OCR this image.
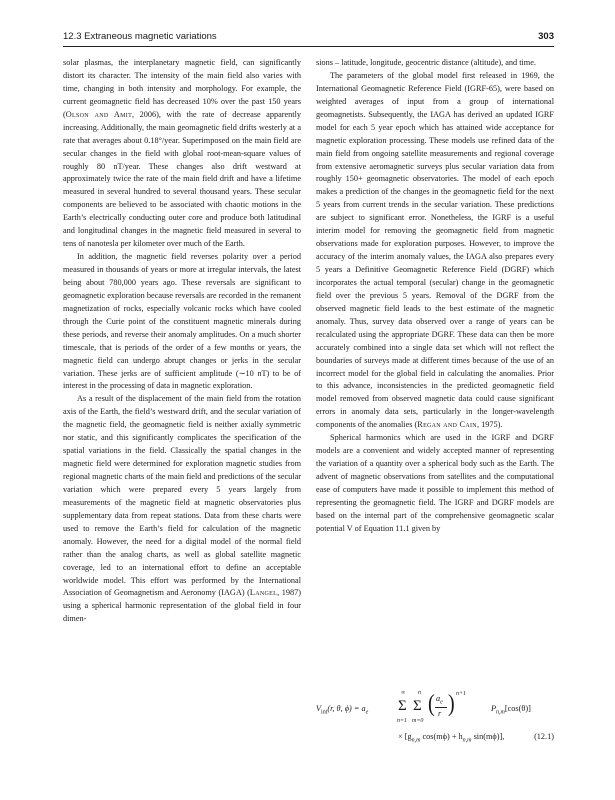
12.3 Extraneous magnetic variations	303

solar plasmas, the interplanetary magnetic field, can significantly distort its character. The intensity of the main field also varies with time, changing in both intensity and morphology. For example, the current geomagnetic field has decreased 10% over the past 150 years (Olson and Amit, 2006), with the rate of decrease apparently increasing. Additionally, the main geomagnetic field drifts westerly at a rate that averages about 0.18°/year. Superimposed on the main field are secular changes in the field with global root-mean-square values of roughly 80 nT/year. These changes also drift westward at approximately twice the rate of the main field drift and have a lifetime measured in several hundred to several thousand years. These secular components are believed to be associated with chaotic motions in the Earth’s electrically conducting outer core and produce both latitudinal and longitudinal changes in the magnetic field measured in several to tens of nanotesla per kilometer over much of the Earth.

In addition, the magnetic field reverses polarity over a period measured in thousands of years or more at irregular intervals, the latest being about 780,000 years ago. These reversals are significant to geomagnetic exploration because reversals are recorded in the remanent magnetization of rocks, especially volcanic rocks which have cooled through the Curie point of the constituent magnetic minerals during these periods, and reverse their anomaly amplitudes. On a much shorter timescale, that is periods of the order of a few months or years, the magnetic field can undergo abrupt changes or jerks in the secular variation. These jerks are of sufficient amplitude (∼10 nT) to be of interest in the processing of data in magnetic exploration.

As a result of the displacement of the main field from the rotation axis of the Earth, the field’s westward drift, and the secular variation of the magnetic field, the geomagnetic field is neither axially symmetric nor static, and this significantly complicates the specification of the spatial variations in the field. Classically the spatial changes in the magnetic field were determined for exploration magnetic studies from regional magnetic charts of the main field and predictions of the secular variation which were prepared every 5 years largely from measurements of the magnetic field at magnetic observatories plus supplementary data from repeat stations. Data from these charts were used to remove the Earth’s field for calculation of the magnetic anomaly. However, the need for a digital model of the normal field rather than the analog charts, as well as global satellite magnetic coverage, led to an international effort to define an acceptable worldwide model. This effort was performed by the International Association of Geomagnetism and Aeronomy (IAGA) (Langel, 1987) using a spherical harmonic representation of the global field in four dimen-

sions – latitude, longitude, geocentric distance (altitude), and time.

The parameters of the global model first released in 1969, the International Geomagnetic Reference Field (IGRF-65), were based on weighted averages of input from a group of international geomagnetists. Subsequently, the IAGA has derived an updated IGRF model for each 5 year epoch which has attained wide acceptance for magnetic exploration processing. These models use refined data of the main field from ongoing satellite measurements and regional coverage from extensive aeromagnetic surveys plus secular variation data from roughly 150+ geomagnetic observatories. The model of each epoch makes a prediction of the changes in the geomagnetic field for the next 5 years from current trends in the secular variation. These predictions are subject to significant error. Nonetheless, the IGRF is a useful interim model for removing the geomagnetic field from magnetic observations made for exploration purposes. However, to improve the accuracy of the interim anomaly values, the IAGA also prepares every 5 years a Definitive Geomagnetic Reference Field (DGRF) which incorporates the actual temporal (secular) change in the geomagnetic field over the previous 5 years. Removal of the DGRF from the observed magnetic field leads to the best estimate of the magnetic anomaly. Thus, survey data observed over a range of years can be recalculated using the appropriate DGRF. These data can then be more accurately combined into a single data set which will not reflect the boundaries of surveys made at different times because of the use of an incorrect model for the global field in calculating the anomalies. Prior to this advance, inconsistencies in the predicted geomagnetic field model removed from observed magnetic data could cause significant errors in anomaly data sets, particularly in the longer-wavelength components of the anomalies (Regan and Cain, 1975).

Spherical harmonics which are used in the IGRF and DGRF models are a convenient and widely accepted manner of representing the variation of a quantity over a spherical body such as the Earth. The advent of magnetic observations from satellites and the computational ease of computers have made it possible to implement this method of representing the geomagnetic field. The IGRF and DGRF models are based on the internal part of the comprehensive geomagnetic scalar potential V of Equation 11.1 given by

$V_{int}(r$, θ, $\phi) = a_e$
∞
Σ
n=1
n
Σ
m=0
( $a_e$
r ) n+1
$P_{n,m}[\cos(\theta)]$
× [$g_{n,m}$ $\cos(m\phi) + h_{n,m}$ sin(mϕ)],	(12.1)
